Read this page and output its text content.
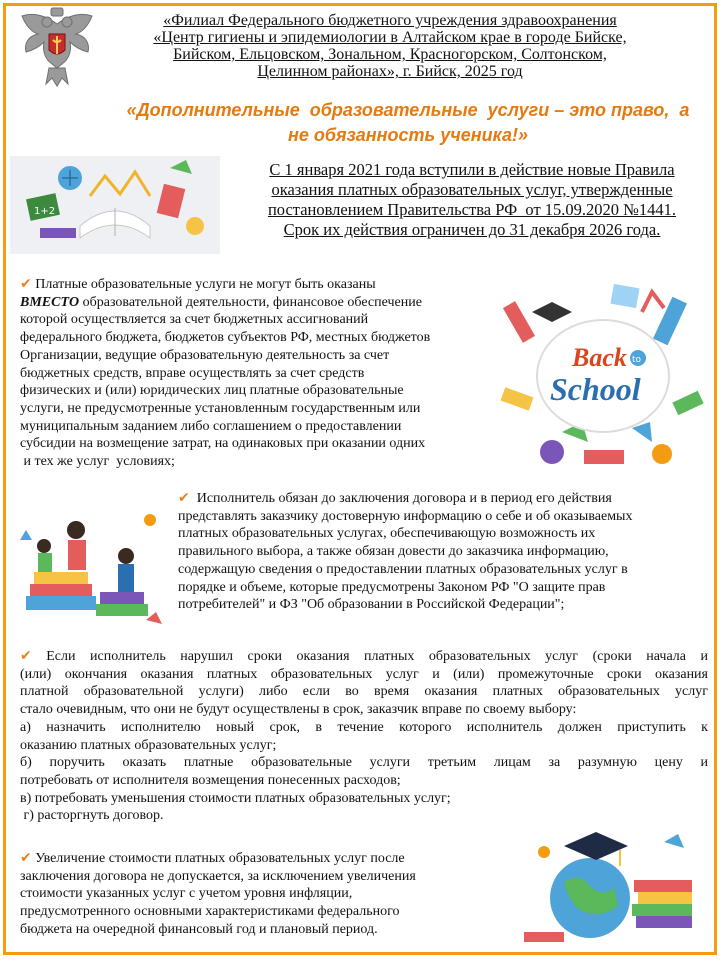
«Филиал Федерального бюджетного учреждения здравоохранения
«Центр гигиены и эпидемиологии в Алтайском крае в городе Бийске,
Бийском, Ельцовском, Зональном, Красногорском, Солтонском,
Целинном районах», г. Бийск, 2025 год
«Дополнительные  образовательные  услуги – это право,  а
не обязанность ученика!»
1+2
С 1 января 2021 года вступили в действие новые Правила
оказания платных образовательных услуг, утвержденные
постановлением Правительства РФ  от 15.09.2020 №1441.
Срок их действия ограничен до 31 декабря 2026 года.
Back to
School
✔ Платные образовательные услуги не могут быть оказаны
ВМЕСТО образовательной деятельности, финансовое обеспечение
которой осуществляется за счет бюджетных ассигнований
федерального бюджета, бюджетов субъектов РФ, местных бюджетов
Организации, ведущие образовательную деятельность за счет
бюджетных средств, вправе осуществлять за счет средств
физических и (или) юридических лиц платные образовательные
услуги, не предусмотренные установленным государственным или
муниципальным заданием либо соглашением о предоставлении
субсидии на возмещение затрат, на одинаковых при оказании одних
и тех же услуг  условиях;
✔  Исполнитель обязан до заключения договора и в период его действия
представлять заказчику достоверную информацию о себе и об оказываемых
платных образовательных услугах, обеспечивающую возможность их
правильного выбора, а также обязан довести до заказчика информацию,
содержащую сведения о предоставлении платных образовательных услуг в
порядке и объеме, которые предусмотрены Законом РФ "О защите прав
потребителей" и ФЗ "Об образовании в Российской Федерации";
✔ Если исполнитель нарушил сроки оказания платных образовательных услуг (сроки начала и
(или) окончания оказания платных образовательных услуг и (или) промежуточные сроки оказания
платной образовательной услуги) либо если во время оказания платных образовательных услуг
стало очевидным, что они не будут осуществлены в срок, заказчик вправе по своему выбору:
а) назначить исполнителю новый срок, в течение которого исполнитель должен приступить к
оказанию платных образовательных услуг;
б) поручить оказать платные образовательные услуги третьим лицам за разумную цену и
потребовать от исполнителя возмещения понесенных расходов;
в) потребовать уменьшения стоимости платных образовательных услуг;
г) расторгнуть договор.
✔ Увеличение стоимости платных образовательных услуг после
заключения договора не допускается, за исключением увеличения
стоимости указанных услуг с учетом уровня инфляции,
предусмотренного основными характеристиками федерального
бюджета на очередной финансовый год и плановый период.
